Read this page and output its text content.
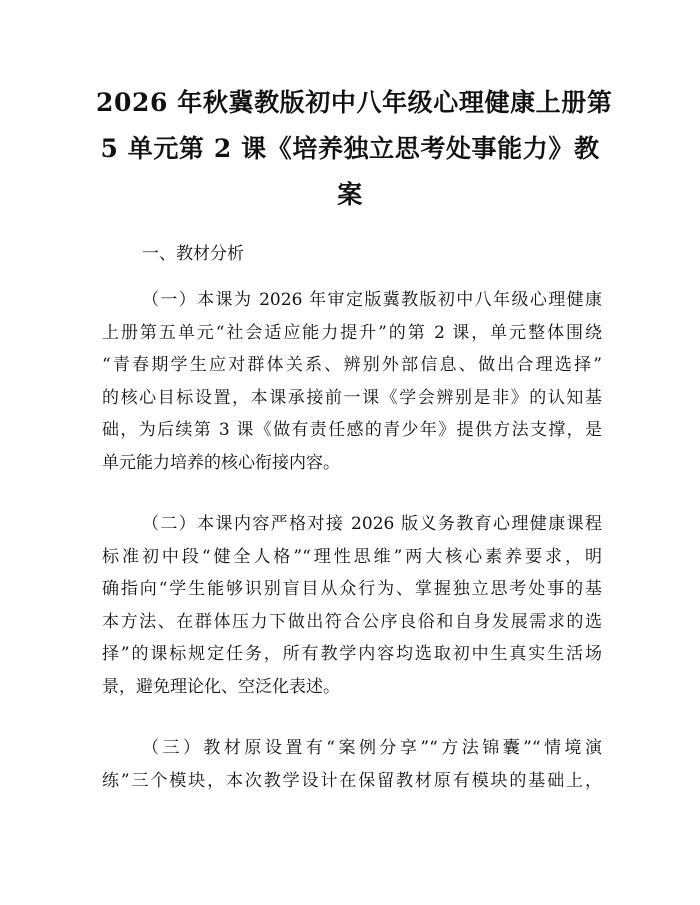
2026 年秋冀教版初中八年级心理健康上册第
5 单元第 2 课《培养独立思考处事能力》教
案
一、教材分析
（一）本课为 2026 年审定版冀教版初中八年级心理健康
上册第五单元“社会适应能力提升”的第 2 课，单元整体围绕
“青春期学生应对群体关系、辨别外部信息、做出合理选择”
的核心目标设置，本课承接前一课《学会辨别是非》的认知基
础，为后续第 3 课《做有责任感的青少年》提供方法支撑，是
单元能力培养的核心衔接内容。
（二）本课内容严格对接 2026 版义务教育心理健康课程
标准初中段“健全人格”“理性思维”两大核心素养要求，明
确指向“学生能够识别盲目从众行为、掌握独立思考处事的基
本方法、在群体压力下做出符合公序良俗和自身发展需求的选
择”的课标规定任务，所有教学内容均选取初中生真实生活场
景，避免理论化、空泛化表述。
（三）教材原设置有“案例分享”“方法锦囊”“情境演
练”三个模块，本次教学设计在保留教材原有模块的基础上，
